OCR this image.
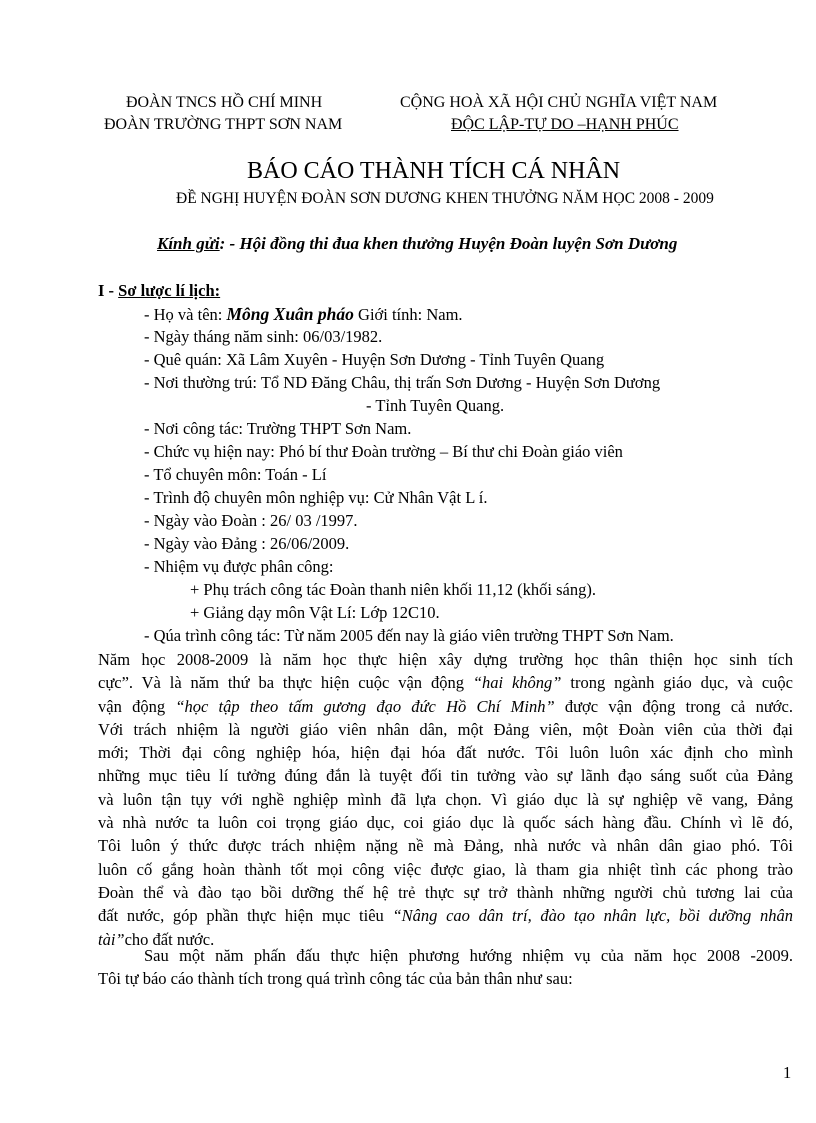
ĐOÀN TNCS HỒ CHÍ MINH
ĐOÀN TRƯỜNG THPT SƠN NAM
CỘNG HOÀ XÃ HỘI CHỦ NGHĨA VIỆT NAM
ĐỘC LẬP-TỰ DO –HẠNH PHÚC
BÁO CÁO THÀNH TÍCH CÁ NHÂN
ĐỀ NGHỊ HUYỆN ĐOÀN SƠN DƯƠNG KHEN THƯỞNG NĂM HỌC 2008 - 2009
Kính gửi: - Hội đồng thi đua khen thưởng Huyện Đoàn luyện Sơn Dương
I - Sơ lược lí lịch:
- Họ và tên: Mông Xuân pháo Giới tính: Nam.
- Ngày tháng năm sinh: 06/03/1982.
- Quê quán: Xã Lâm Xuyên - Huyện Sơn Dương - Tỉnh Tuyên Quang
- Nơi thường trú: Tổ ND Đăng Châu, thị trấn Sơn Dương - Huyện Sơn Dương
- Tỉnh Tuyên Quang.
- Nơi công tác: Trường THPT Sơn Nam.
- Chức vụ hiện nay: Phó bí thư Đoàn trường – Bí thư chi Đoàn giáo viên
- Tổ chuyên môn: Toán - Lí
- Trình độ chuyên môn nghiệp vụ: Cử Nhân Vật L í.
- Ngày vào Đoàn : 26/ 03 /1997.
- Ngày vào Đảng : 26/06/2009.
- Nhiệm vụ được phân công:
+ Phụ trách công tác Đoàn thanh niên khối 11,12 (khối sáng).
+ Giảng dạy môn Vật Lí: Lớp 12C10.
- Qúa trình công tác: Từ năm 2005 đến nay là giáo viên trường THPT Sơn Nam.
Năm học 2008-2009 là năm học thực hiện xây dựng trường học thân thiện học sinh tích
cực”. Và là năm thứ ba thực hiện cuộc vận động “hai không” trong ngành giáo dục, và cuộc
vận động “học tập theo tấm gương đạo đức Hồ Chí Minh” được vận động trong cả nước.
Với trách nhiệm là người giáo viên nhân dân, một Đảng viên, một Đoàn viên của thời đại
mới; Thời đại công nghiệp hóa, hiện đại hóa đất nước. Tôi luôn luôn xác định cho mình
những mục tiêu lí tưởng đúng đắn là tuyệt đối tin tưởng vào sự lãnh đạo sáng suốt của Đảng
và luôn tận tụy với nghề nghiệp mình đã lựa chọn. Vì giáo dục là sự nghiệp vẽ vang, Đảng
và nhà nước ta luôn coi trọng giáo dục, coi giáo dục là quốc sách hàng đầu. Chính vì lẽ đó,
Tôi luôn ý thức được trách nhiệm nặng nề mà Đảng, nhà nước và nhân dân giao phó. Tôi
luôn cố gắng hoàn thành tốt mọi công việc được giao, là tham gia nhiệt tình các phong trào
Đoàn thể và đào tạo bồi dưỡng thế hệ trẻ thực sự trở thành những người chủ tương lai của
đất nước, góp phần thực hiện mục tiêu “Nâng cao dân trí, đào tạo nhân lực, bồi dưỡng nhân
tài”cho đất nước.
Sau một năm phấn đấu thực hiện phương hướng nhiệm vụ của năm học 2008 -2009.
Tôi tự báo cáo thành tích trong quá trình công tác của bản thân như sau:
1
